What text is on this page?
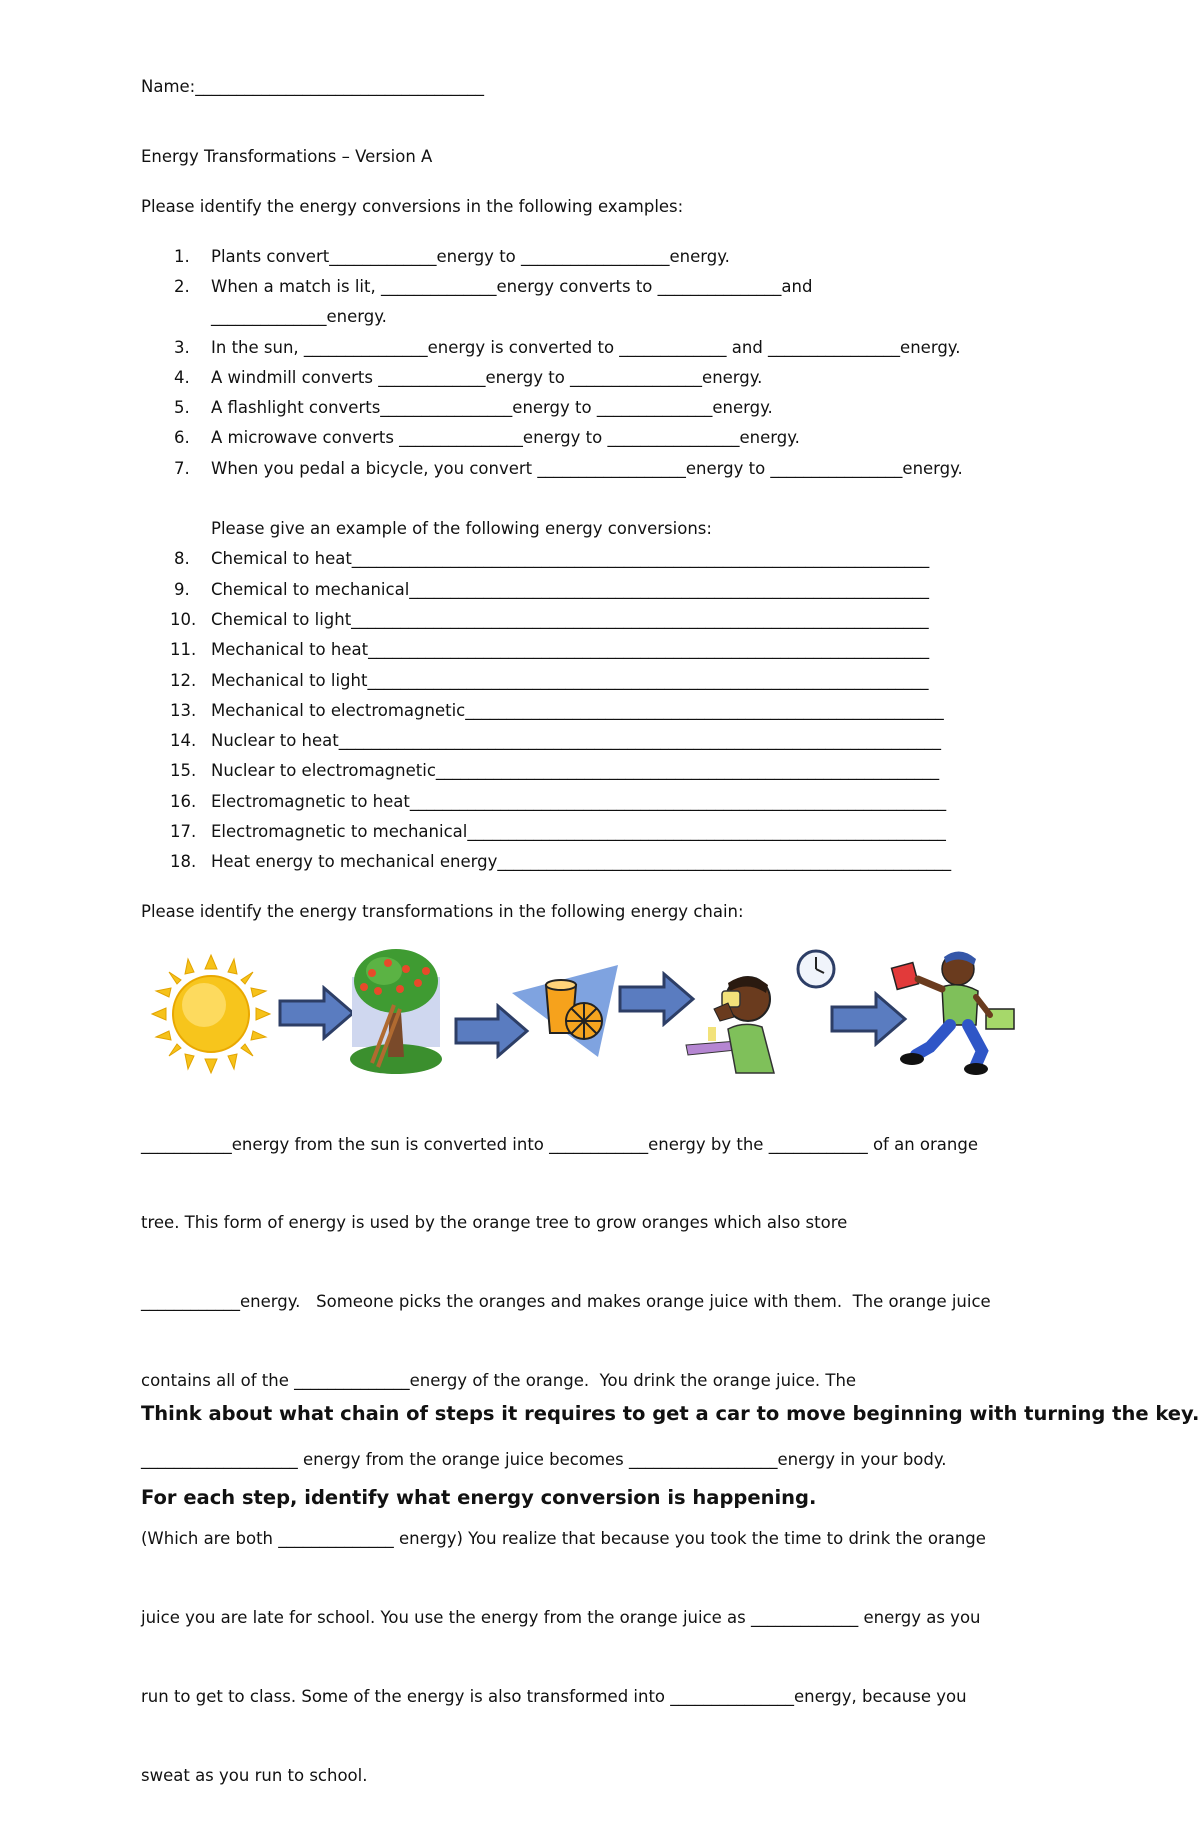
Name:___________________________________
Energy Transformations – Version A
Please identify the energy conversions in the following examples:
1.	Plants convert_____________energy to __________________energy.
2.	When a match is lit, ______________energy converts to _______________and
______________energy.
3.	In the sun, _______________energy is converted to _____________ and ________________energy.
4.	A windmill converts _____________energy to ________________energy.
5.	A flashlight converts________________energy to ______________energy.
6.	A microwave converts _______________energy to ________________energy.
7.	When you pedal a bicycle, you convert __________________energy to ________________energy.
Please give an example of the following energy conversions:
8.	Chemical to heat______________________________________________________________________
9.	Chemical to mechanical_______________________________________________________________
10. Chemical to light______________________________________________________________________
11. Mechanical to heat____________________________________________________________________
12. Mechanical to light____________________________________________________________________
13. Mechanical to electromagnetic__________________________________________________________
14. Nuclear to heat_________________________________________________________________________
15. Nuclear to electromagnetic_____________________________________________________________
16. Electromagnetic to heat_________________________________________________________________
17. Electromagnetic to mechanical__________________________________________________________
18. Heat energy to mechanical energy_______________________________________________________
Please identify the energy transformations in the following energy chain:

___________energy from the sun is converted into ____________energy by the ____________ of an orange

tree. This form of energy is used by the orange tree to grow oranges which also store

____________energy.   Someone picks the oranges and makes orange juice with them.  The orange juice

contains all of the ______________energy of the orange.  You drink the orange juice. The

___________________ energy from the orange juice becomes __________________energy in your body.

(Which are both ______________ energy) You realize that because you took the time to drink the orange

juice you are late for school. You use the energy from the orange juice as _____________ energy as you

run to get to class. Some of the energy is also transformed into _______________energy, because you

sweat as you run to school.

Think about what chain of steps it requires to get a car to move beginning with turning the key.

For each step, identify what energy conversion is happening.
